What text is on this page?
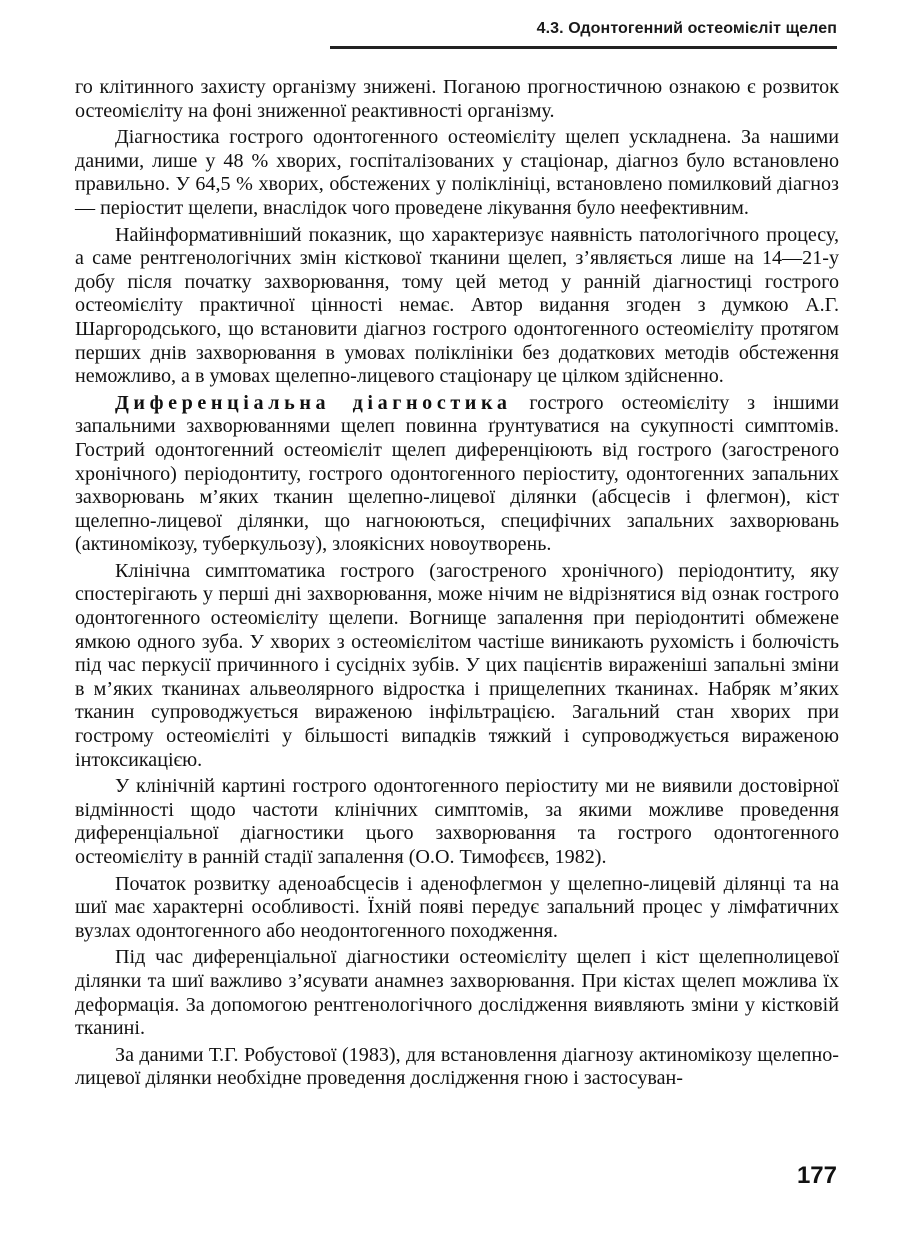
4.3. Одонтогенний остеомієліт щелеп

го клітинного захисту організму знижені. Поганою прогностичною ознакою є розвиток остеомієліту на фоні зниженної реактивності організму.

Діагностика гострого одонтогенного остеомієліту щелеп ускладнена. За нашими даними, лише у 48 % хворих, госпіталізованих у стаціонар, діагноз було встановлено правильно. У 64,5 % хворих, обстежених у поліклініці, встановлено помилковий діагноз — періостит щелепи, внаслідок чого проведене лікування було неефективним.

Найінформативніший показник, що характеризує наявність патологічного процесу, а саме рентгенологічних змін кісткової тканини щелеп, з’являється лише на 14—21-у добу після початку захворювання, тому цей метод у ранній діагностиці гострого остеомієліту практичної цінності немає. Автор видання згоден з думкою А.Г. Шаргородського, що встановити діагноз гострого одонтогенного остеомієліту протягом перших днів захворювання в умовах поліклініки без додаткових методів обстеження неможливо, а в умовах щелепно-лицевого стаціонару це цілком здійсненно.

Диференціальна діагностика гострого остеомієліту з іншими запальними захворюваннями щелеп повинна ґрунтуватися на сукупності симптомів. Гострий одонтогенний остеомієліт щелеп диференціюють від гострого (загостреного хронічного) періодонтиту, гострого одонтогенного періоститу, одонтогенних запальних захворювань м’яких тканин щелепно-лицевої ділянки (абсцесів і флегмон), кіст щелепно-лицевої ділянки, що нагноюються, специфічних запальних захворювань (актиномікозу, туберкульозу), злоякісних новоутворень.

Клінічна симптоматика гострого (загостреного хронічного) періодонтиту, яку спостерігають у перші дні захворювання, може нічим не відрізнятися від ознак гострого одонтогенного остеомієліту щелепи. Вогнище запалення при періодонтиті обмежене ямкою одного зуба. У хворих з остеомієлітом частіше виникають рухомість і болючість під час перкусії причинного і сусідніх зубів. У цих пацієнтів вираженіші запальні зміни в м’яких тканинах альвеолярного відростка і прищелепних тканинах. Набряк м’яких тканин супроводжується вираженою інфільтрацією. Загальний стан хворих при гострому остеомієліті у більшості випадків тяжкий і супроводжується вираженою інтоксикацією.

У клінічній картині гострого одонтогенного періоститу ми не виявили достовірної відмінності щодо частоти клінічних симптомів, за якими можливе проведення диференціальної діагностики цього захворювання та гострого одонтогенного остеомієліту в ранній стадії запалення (О.О. Тимофєєв, 1982).

Початок розвитку аденоабсцесів і аденофлегмон у щелепно-лицевій ділянці та на шиї має характерні особливості. Їхній появі передує запальний процес у лімфатичних вузлах одонтогенного або неодонтогенного походження.

Під час диференціальної діагностики остеомієліту щелеп і кіст щелепнолицевої ділянки та шиї важливо з’ясувати анамнез захворювання. При кістах щелеп можлива їх деформація. За допомогою рентгенологічного дослідження виявляють зміни у кістковій тканині.

За даними Т.Г. Робустової (1983), для встановлення діагнозу актиномікозу щелепно-лицевої ділянки необхідне проведення дослідження гною і застосуван-

177
